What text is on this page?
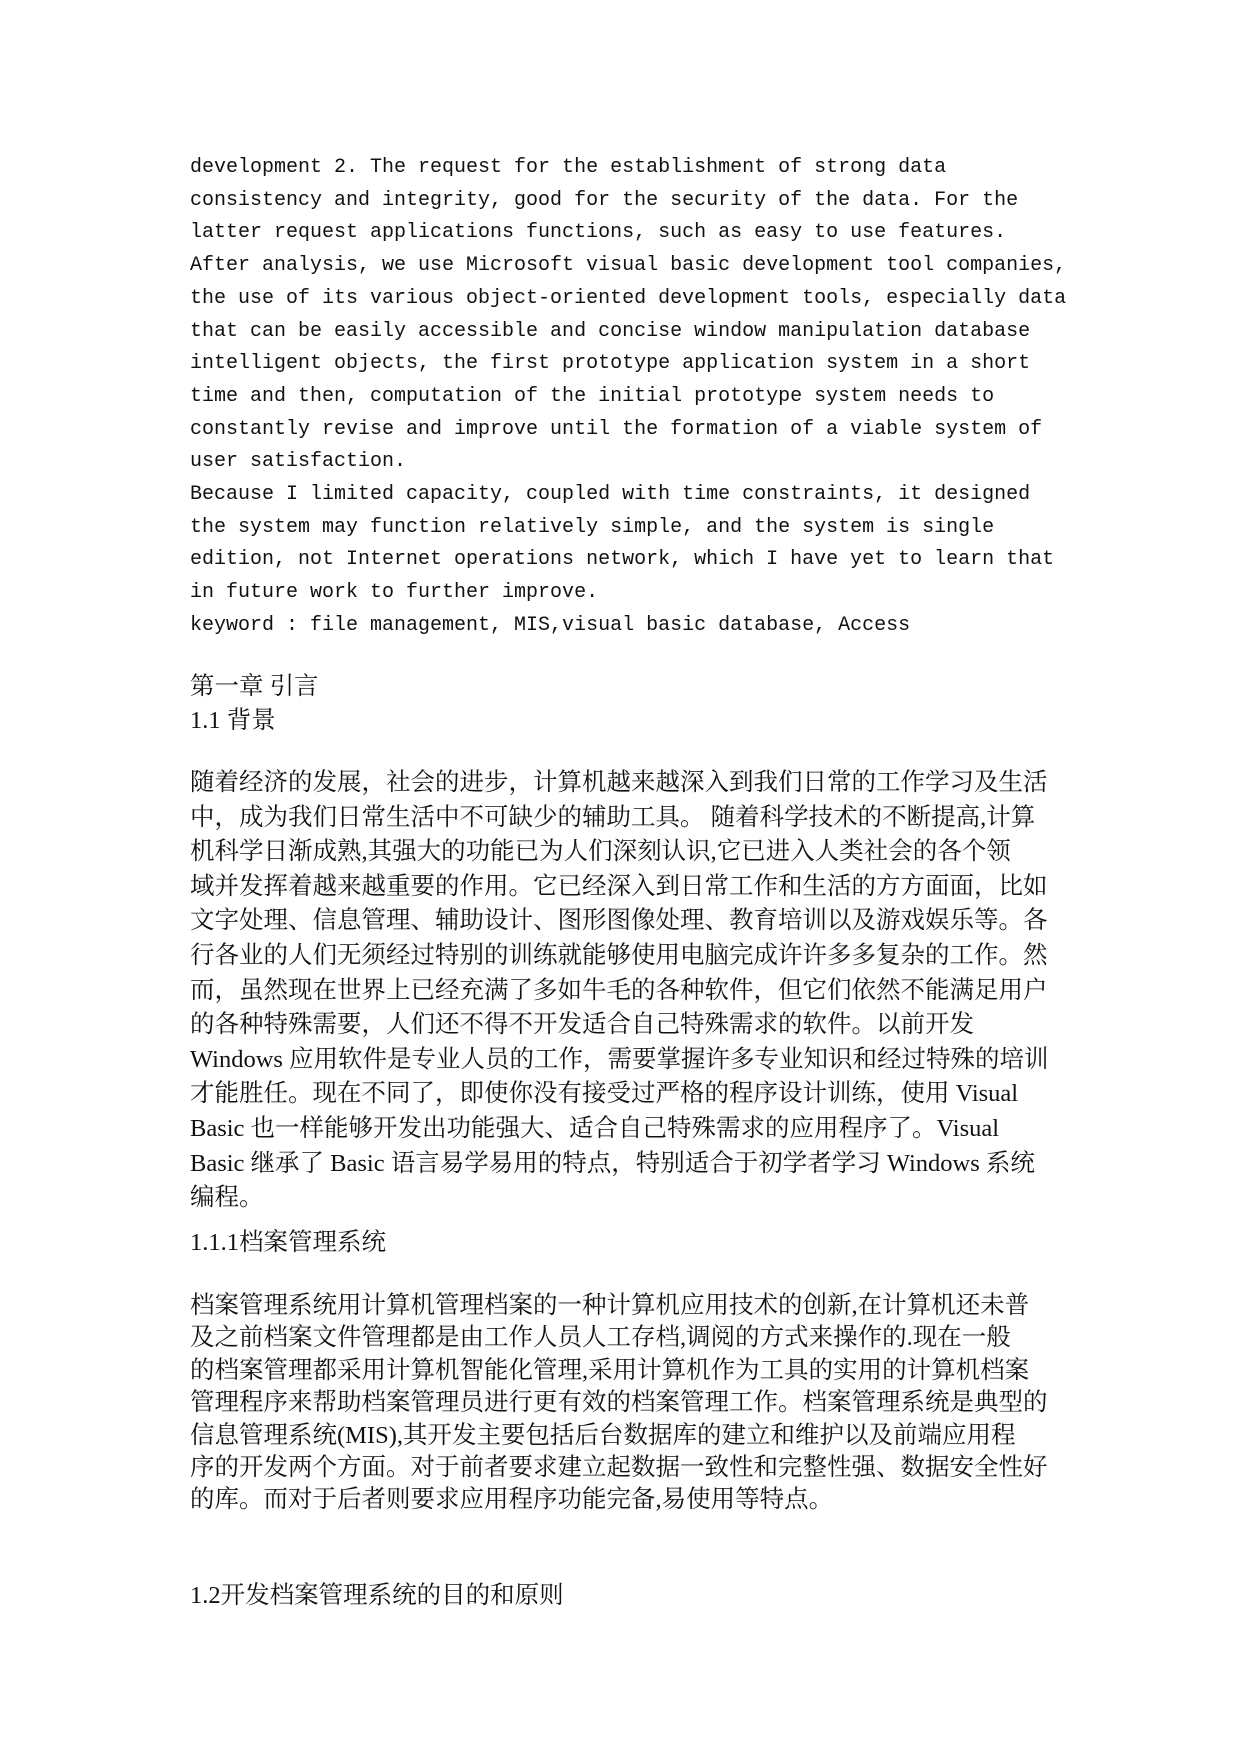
development 2. The request for the establishment of strong data
consistency and integrity, good for the security of the data. For the
latter request applications functions, such as easy to use features.
After analysis, we use Microsoft visual basic development tool companies,
the use of its various object-oriented development tools, especially data
that can be easily accessible and concise window manipulation database
intelligent objects, the first prototype application system in a short
time and then, computation of the initial prototype system needs to
constantly revise and improve until the formation of a viable system of
user satisfaction.
Because I limited capacity, coupled with time constraints, it designed
the system may function relatively simple, and the system is single
edition, not Internet operations network, which I have yet to learn that
in future work to further improve.
keyword : file management, MIS,visual basic database, Access
第一章 引言
1.1 背景
随着经济的发展，社会的进步，计算机越来越深入到我们日常的工作学习及生活
中，成为我们日常生活中不可缺少的辅助工具。 随着科学技术的不断提高,计算
机科学日渐成熟,其强大的功能已为人们深刻认识,它已进入人类社会的各个领
域并发挥着越来越重要的作用。它已经深入到日常工作和生活的方方面面，比如
文字处理、信息管理、辅助设计、图形图像处理、教育培训以及游戏娱乐等。各
行各业的人们无须经过特别的训练就能够使用电脑完成许许多多复杂的工作。然
而，虽然现在世界上已经充满了多如牛毛的各种软件，但它们依然不能满足用户
的各种特殊需要，人们还不得不开发适合自己特殊需求的软件。以前开发
Windows 应用软件是专业人员的工作，需要掌握许多专业知识和经过特殊的培训
才能胜任。现在不同了，即使你没有接受过严格的程序设计训练，使用 Visual
Basic 也一样能够开发出功能强大、适合自己特殊需求的应用程序了。Visual
Basic 继承了 Basic 语言易学易用的特点，特别适合于初学者学习 Windows 系统
编程。
1.1.1档案管理系统
档案管理系统用计算机管理档案的一种计算机应用技术的创新,在计算机还未普
及之前档案文件管理都是由工作人员人工存档,调阅的方式来操作的.现在一般
的档案管理都采用计算机智能化管理,采用计算机作为工具的实用的计算机档案
管理程序来帮助档案管理员进行更有效的档案管理工作。档案管理系统是典型的
信息管理系统(MIS),其开发主要包括后台数据库的建立和维护以及前端应用程
序的开发两个方面。对于前者要求建立起数据一致性和完整性强、数据安全性好
的库。而对于后者则要求应用程序功能完备,易使用等特点。
1.2开发档案管理系统的目的和原则
